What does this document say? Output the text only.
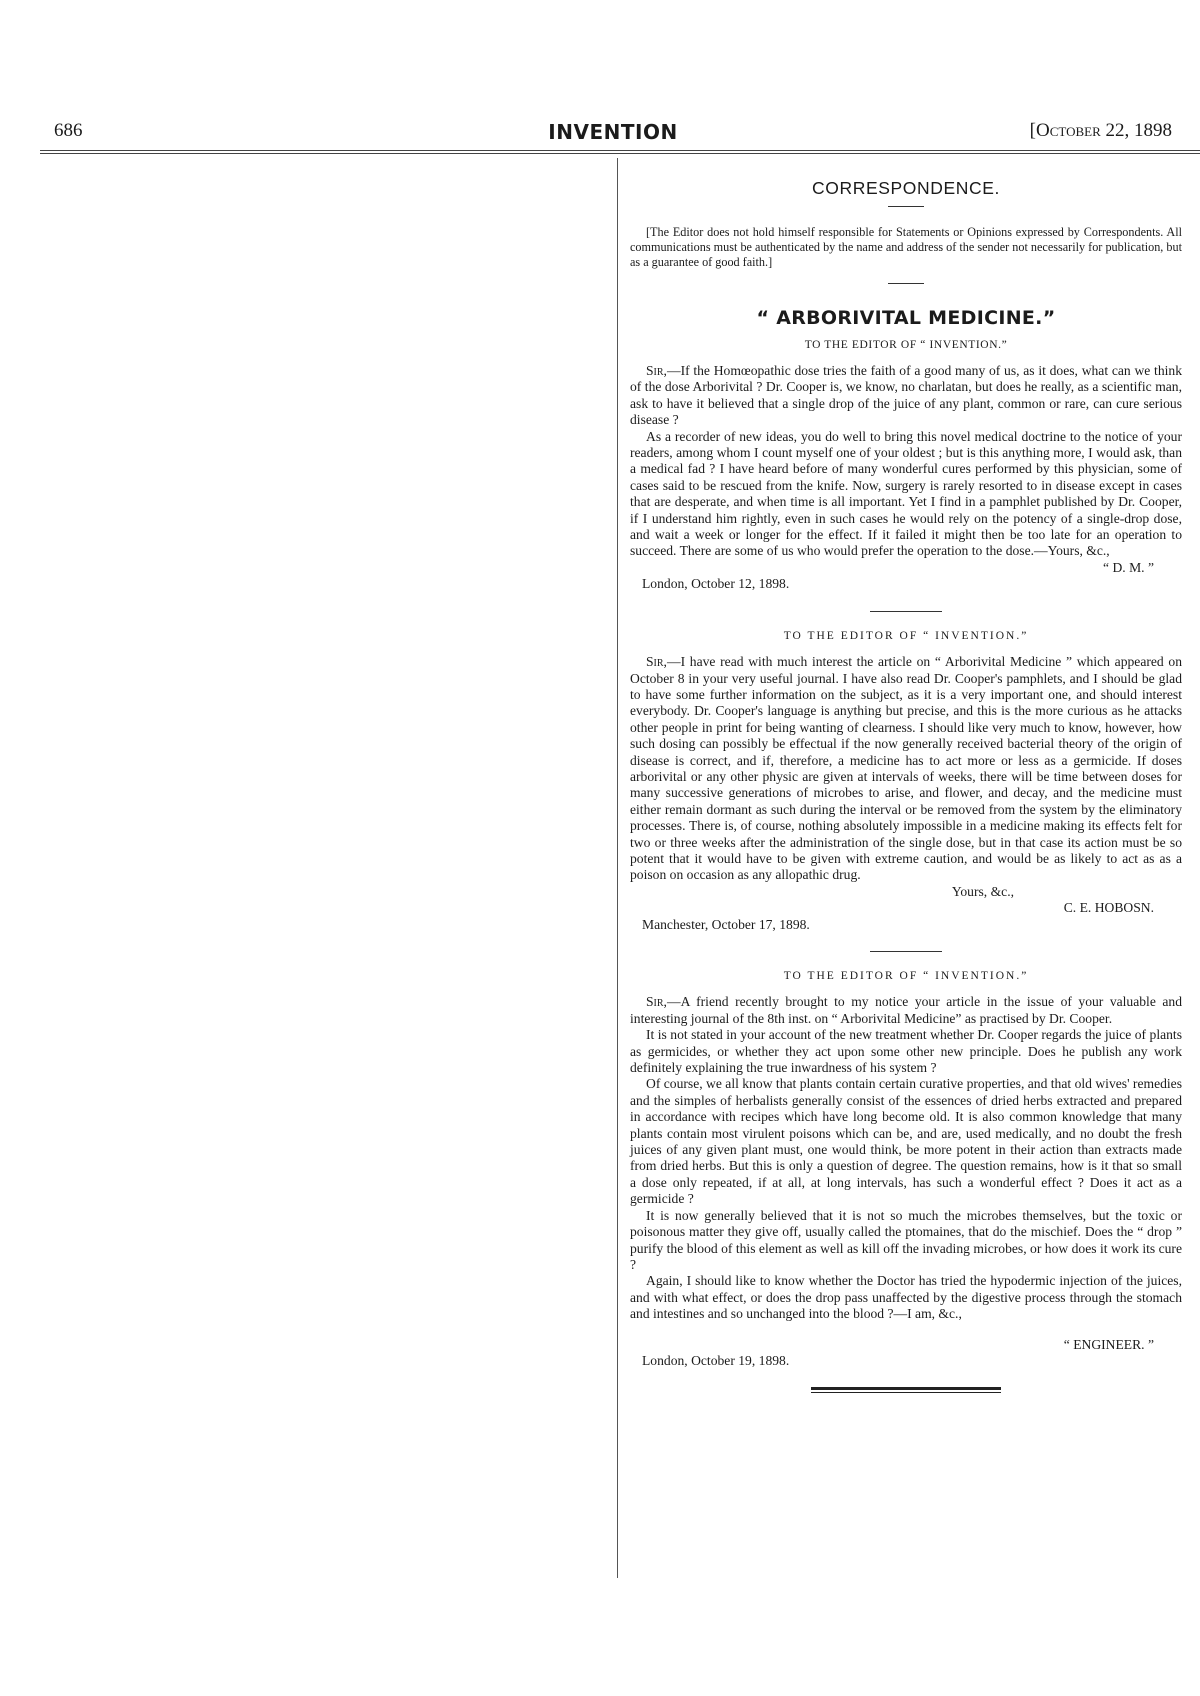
686	INVENTION	[October 22, 1898
CORRESPONDENCE.

[The Editor does not hold himself responsible for Statements or Opinions expressed by Correspondents. All communications must be authenticated by the name and address of the sender not necessarily for publication, but as a guarantee of good faith.]

“ ARBORIVITAL MEDICINE.”
TO THE EDITOR OF “ INVENTION.”

Sir,—If the Homœopathic dose tries the faith of a good many of us, as it does, what can we think of the dose Arborivital ? Dr. Cooper is, we know, no charlatan, but does he really, as a scientific man, ask to have it believed that a single drop of the juice of any plant, common or rare, can cure serious disease ?

As a recorder of new ideas, you do well to bring this novel medical doctrine to the notice of your readers, among whom I count myself one of your oldest ; but is this anything more, I would ask, than a medical fad ? I have heard before of many wonderful cures performed by this physician, some of cases said to be rescued from the knife. Now, surgery is rarely resorted to in disease except in cases that are desperate, and when time is all important. Yet I find in a pamphlet published by Dr. Cooper, if I understand him rightly, even in such cases he would rely on the potency of a single-drop dose, and wait a week or longer for the effect. If it failed it might then be too late for an operation to succeed. There are some of us who would prefer the operation to the dose.—Yours, &c.,

“ D. M. ”
London, October 12, 1898.
TO THE EDITOR OF “ INVENTION.”

Sir,—I have read with much interest the article on “ Arborivital Medicine ” which appeared on October 8 in your very useful journal. I have also read Dr. Cooper's pamphlets, and I should be glad to have some further information on the subject, as it is a very important one, and should interest everybody. Dr. Cooper's language is anything but precise, and this is the more curious as he attacks other people in print for being wanting of clearness. I should like very much to know, however, how such dosing can possibly be effectual if the now generally received bacterial theory of the origin of disease is correct, and if, therefore, a medicine has to act more or less as a germicide. If doses arborivital or any other physic are given at intervals of weeks, there will be time between doses for many successive generations of microbes to arise, and flower, and decay, and the medicine must either remain dormant as such during the interval or be removed from the system by the eliminatory processes. There is, of course, nothing absolutely impossible in a medicine making its effects felt for two or three weeks after the administration of the single dose, but in that case its action must be so potent that it would have to be given with extreme caution, and would be as likely to act as as a poison on occasion as any allopathic drug.

Yours, &c.,
C. E. HOBOSN.
Manchester, October 17, 1898.
TO THE EDITOR OF “ INVENTION.”

Sir,—A friend recently brought to my notice your article in the issue of your valuable and interesting journal of the 8th inst. on “ Arborivital Medicine” as practised by Dr. Cooper.

It is not stated in your account of the new treatment whether Dr. Cooper regards the juice of plants as germicides, or whether they act upon some other new principle. Does he publish any work definitely explaining the true inwardness of his system ?

Of course, we all know that plants contain certain curative properties, and that old wives' remedies and the simples of herbalists generally consist of the essences of dried herbs extracted and prepared in accordance with recipes which have long become old. It is also common knowledge that many plants contain most virulent poisons which can be, and are, used medically, and no doubt the fresh juices of any given plant must, one would think, be more potent in their action than extracts made from dried herbs. But this is only a question of degree. The question remains, how is it that so small a dose only repeated, if at all, at long intervals, has such a wonderful effect ? Does it act as a germicide ?

It is now generally believed that it is not so much the microbes themselves, but the toxic or poisonous matter they give off, usually called the ptomaines, that do the mischief. Does the “ drop ” purify the blood of this element as well as kill off the invading microbes, or how does it work its cure ?

Again, I should like to know whether the Doctor has tried the hypodermic injection of the juices, and with what effect, or does the drop pass unaffected by the digestive process through the stomach and intestines and so unchanged into the blood ?—I am, &c.,

“ ENGINEER. ”
London, October 19, 1898.
